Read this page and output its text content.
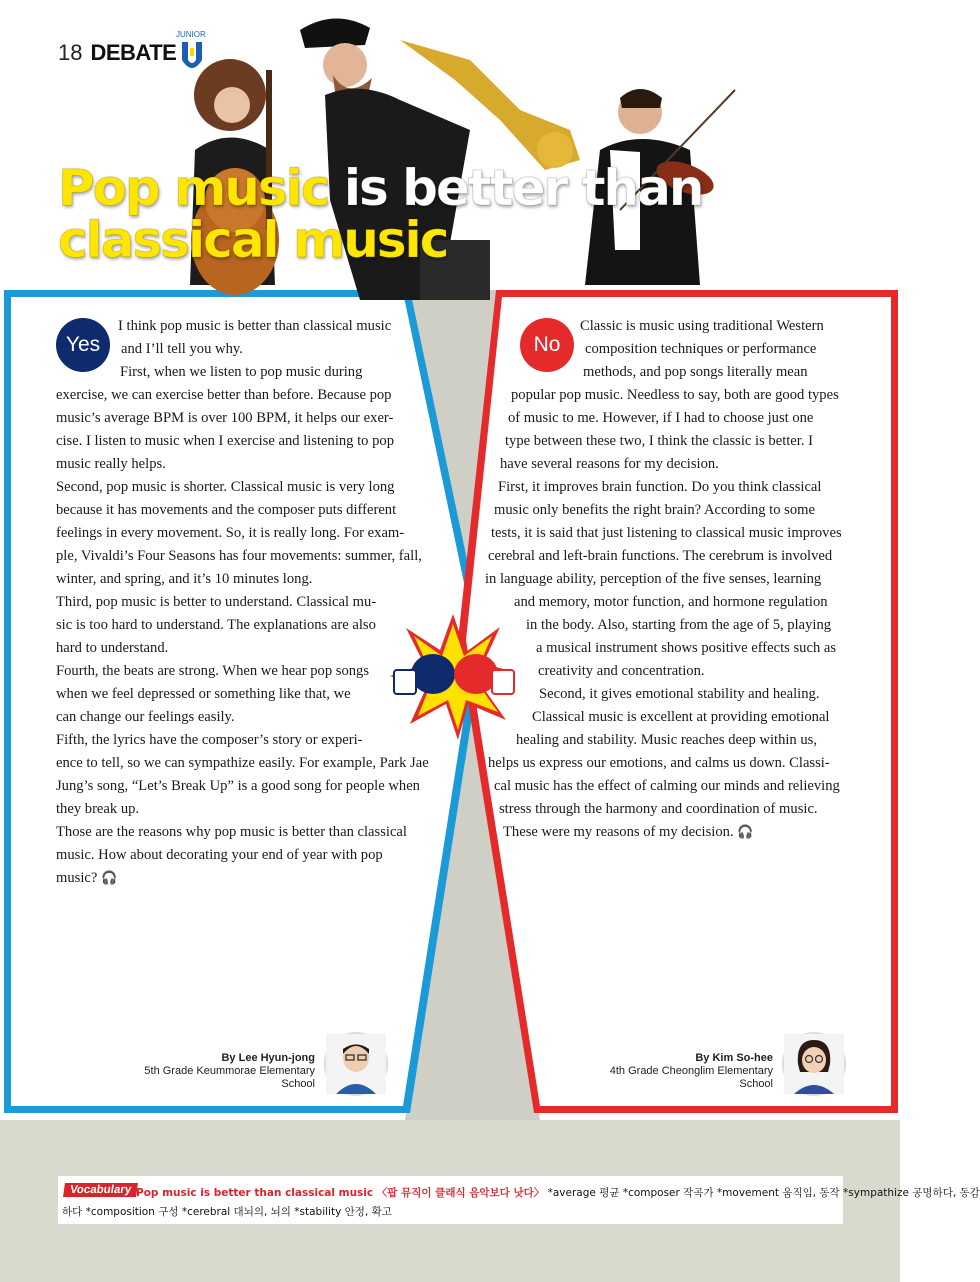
18 DEBATE
JUNIOR
Pop music is better than
classical music
Yes	No
I think pop music is better than classical music
and I’ll tell you why.
First, when we listen to pop music during
exercise, we can exercise better than before. Because pop
music’s average BPM is over 100 BPM, it helps our exer-
cise. I listen to music when I exercise and listening to pop
music really helps.
Second, pop music is shorter. Classical music is very long
because it has movements and the composer puts different
feelings in every movement. So, it is really long. For exam-
ple, Vivaldi’s Four Seasons has four movements: summer, fall,
winter, and spring, and it’s 10 minutes long.
Third, pop music is better to understand. Classical mu-
sic is too hard to understand. The explanations are also
hard to understand.
Fourth, the beats are strong. When we hear pop songs
when we feel depressed or something like that, we
can change our feelings easily.
Fifth, the lyrics have the composer’s story or experi-
ence to tell, so we can sympathize easily. For example, Park Jae
Jung’s song, “Let’s Break Up” is a good song for people when
they break up.
Those are the reasons why pop music is better than classical
music. How about decorating your end of year with pop
music? 🎧
Classic is music using traditional Western
composition techniques or performance
methods, and pop songs literally mean
popular pop music. Needless to say, both are good types
of music to me. However, if I had to choose just one
type between these two, I think the classic is better. I
have several reasons for my decision.
First, it improves brain function. Do you think classical
music only benefits the right brain? According to some
tests, it is said that just listening to classical music improves
cerebral and left-brain functions. The cerebrum is involved
in language ability, perception of the five senses, learning
and memory, motor function, and hormone regulation
in the body. Also, starting from the age of 5, playing
a musical instrument shows positive effects such as
creativity and concentration.
Second, it gives emotional stability and healing.
Classical music is excellent at providing emotional
healing and stability. Music reaches deep within us,
helps us express our emotions, and calms us down. Classi-
cal music has the effect of calming our minds and relieving
stress through the harmony and coordination of music.
These were my reasons of my decision. 🎧
By Lee Hyun-jong
5th Grade Keummorae Elementary School
By Kim So-hee
4th Grade Cheonglim Elementary School
Vocabulary Pop music is better than classical music 〈팝 뮤직이 클래식 음악보다 낫다〉 *average 평균 *composer 작곡가 *movement 움직임, 동작 *sympathize 공명하다, 동감
하다 *composition 구성 *cerebral 대뇌의, 뇌의 *stability 안정, 확고
